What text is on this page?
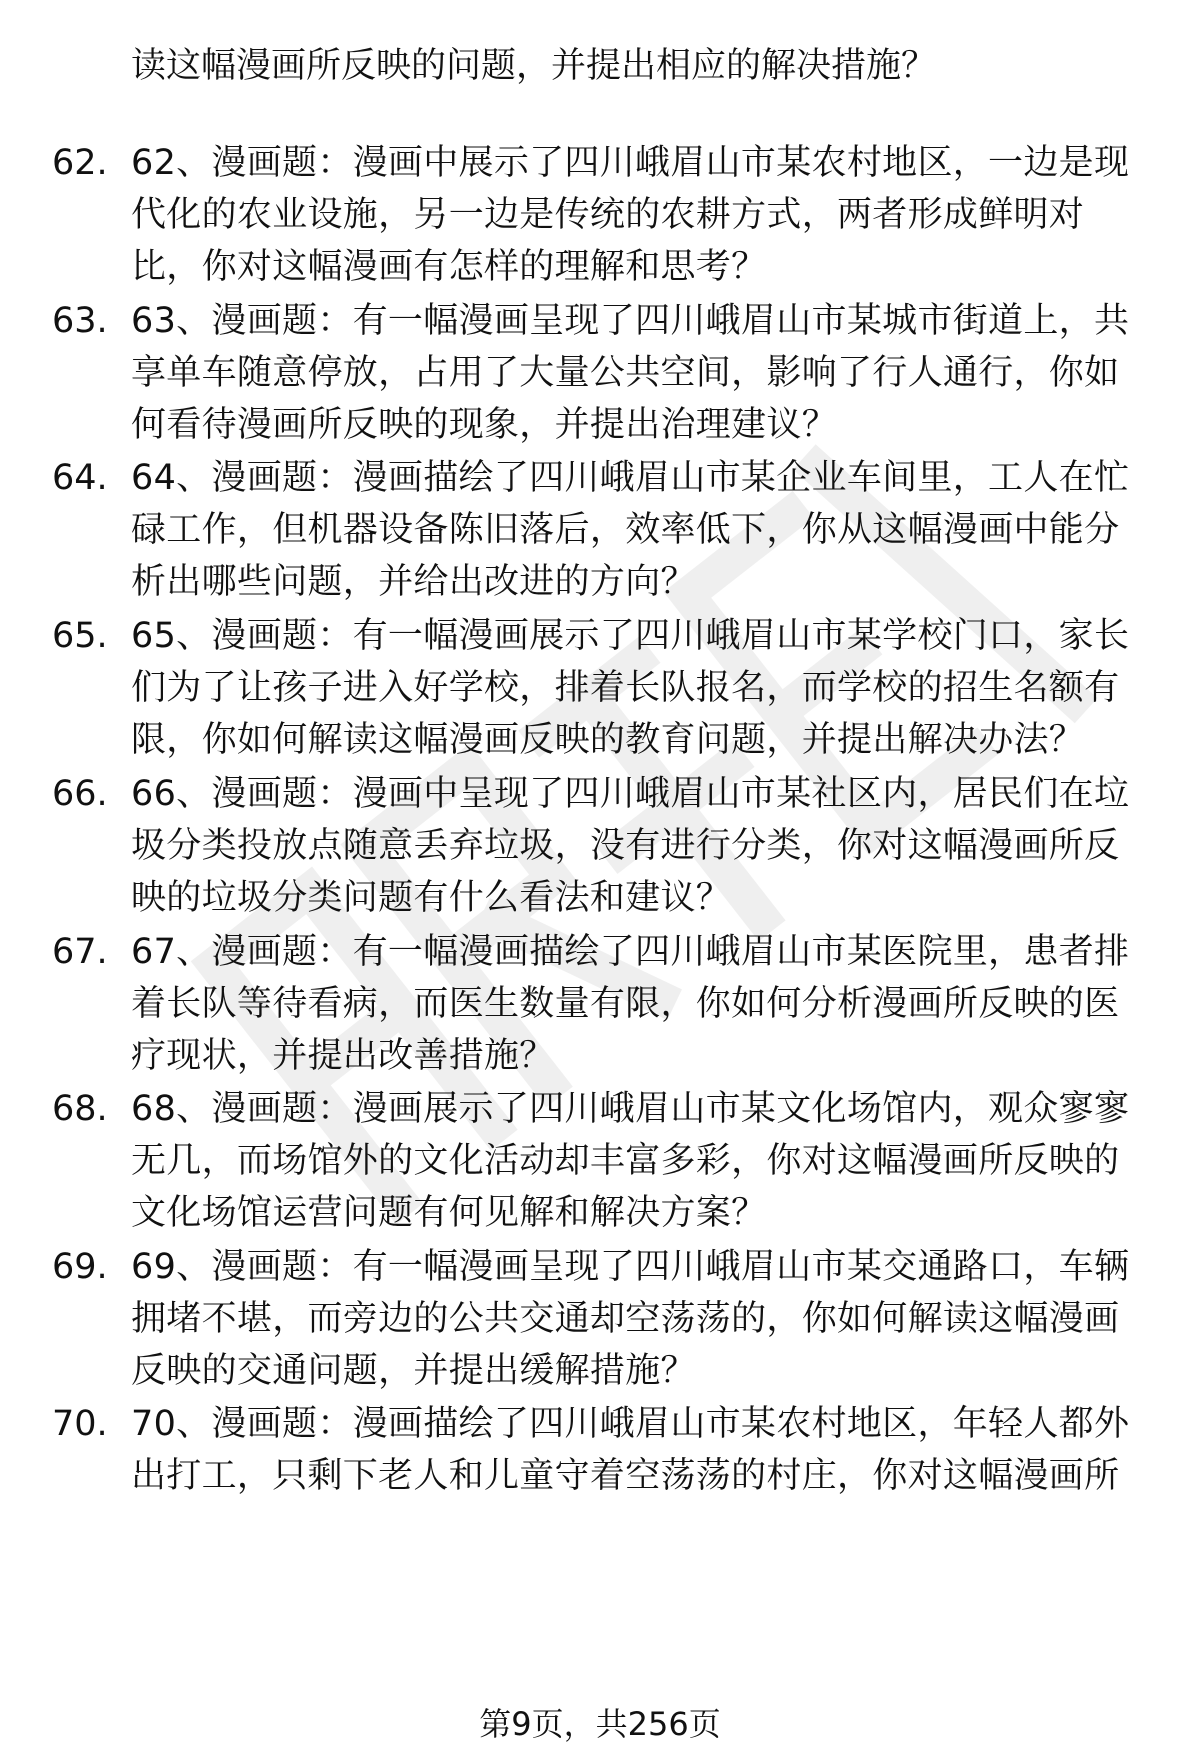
读这幅漫画所反映的问题，并提出相应的解决措施？
62. 62、漫画题：漫画中展示了四川峨眉山市某农村地区，一边是现代化的农业设施，另一边是传统的农耕方式，两者形成鲜明对比，你对这幅漫画有怎样的理解和思考？
63. 63、漫画题：有一幅漫画呈现了四川峨眉山市某城市街道上，共享单车随意停放，占用了大量公共空间，影响了行人通行，你如何看待漫画所反映的现象，并提出治理建议？
64. 64、漫画题：漫画描绘了四川峨眉山市某企业车间里，工人在忙碌工作，但机器设备陈旧落后，效率低下，你从这幅漫画中能分析出哪些问题，并给出改进的方向？
65. 65、漫画题：有一幅漫画展示了四川峨眉山市某学校门口，家长们为了让孩子进入好学校，排着长队报名，而学校的招生名额有限，你如何解读这幅漫画反映的教育问题，并提出解决办法？
66. 66、漫画题：漫画中呈现了四川峨眉山市某社区内，居民们在垃圾分类投放点随意丢弃垃圾，没有进行分类，你对这幅漫画所反映的垃圾分类问题有什么看法和建议？
67. 67、漫画题：有一幅漫画描绘了四川峨眉山市某医院里，患者排着长队等待看病，而医生数量有限，你如何分析漫画所反映的医疗现状，并提出改善措施？
68. 68、漫画题：漫画展示了四川峨眉山市某文化场馆内，观众寥寥无几，而场馆外的文化活动却丰富多彩，你对这幅漫画所反映的文化场馆运营问题有何见解和解决方案？
69. 69、漫画题：有一幅漫画呈现了四川峨眉山市某交通路口，车辆拥堵不堪，而旁边的公共交通却空荡荡的，你如何解读这幅漫画反映的交通问题，并提出缓解措施？
70. 70、漫画题：漫画描绘了四川峨眉山市某农村地区，年轻人都外出打工，只剩下老人和儿童守着空荡荡的村庄，你对这幅漫画所
第9页，共256页
